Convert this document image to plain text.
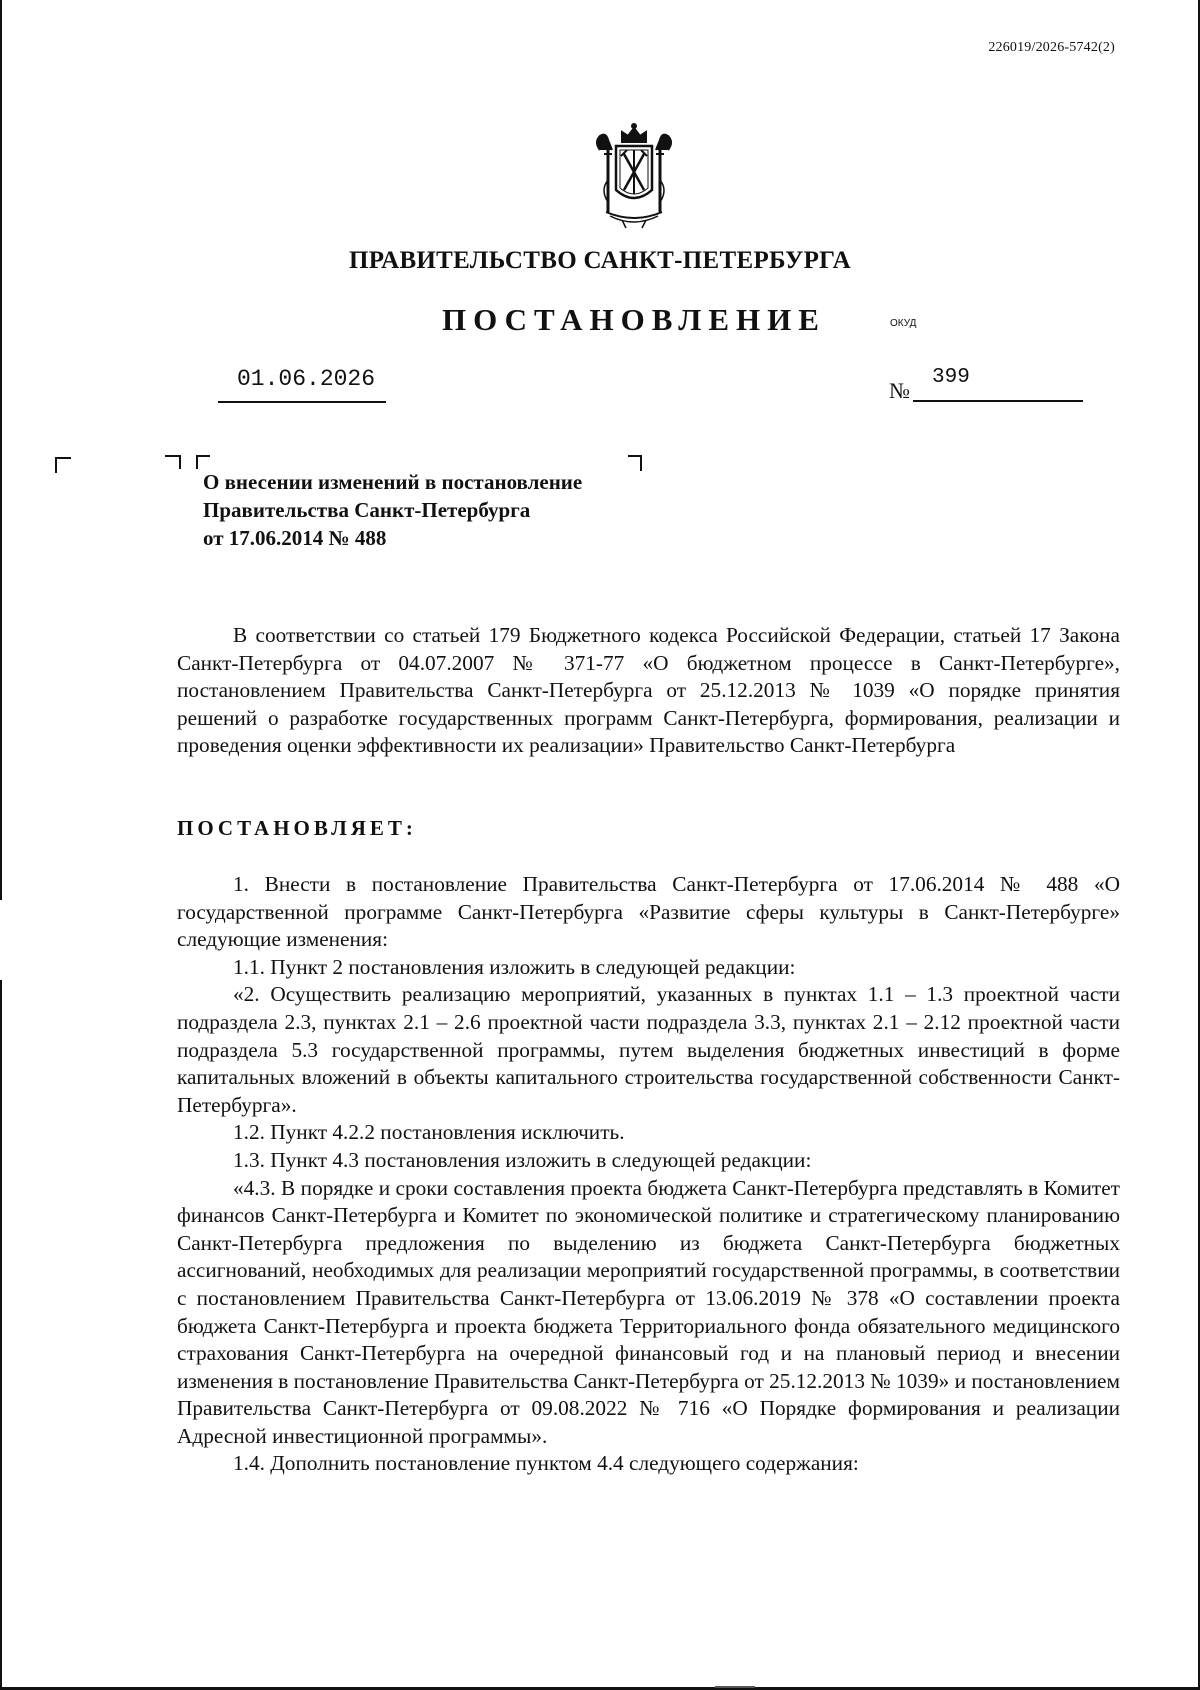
226019/2026-5742(2)
ПРАВИТЕЛЬСТВО САНКТ-ПЕТЕРБУРГА
ПОСТАНОВЛЕНИЕ	ОКУД
01.06.2026	№
399
О внесении изменений в постановление
Правительства Санкт-Петербурга
от 17.06.2014 № 488

В соответствии со статьей 179 Бюджетного кодекса Российской Федерации, статьей 17 Закона Санкт-Петербурга от 04.07.2007 № 371-77 «О бюджетном процессе в Санкт-Петербурге», постановлением Правительства Санкт-Петербурга от 25.12.2013 № 1039 «О порядке принятия решений о разработке государственных программ Санкт-Петербурга, формирования, реализации и проведения оценки эффективности их реализации» Правительство Санкт-Петербурга

ПОСТАНОВЛЯЕТ:

1. Внести в постановление Правительства Санкт-Петербурга от 17.06.2014 № 488 «О государственной программе Санкт-Петербурга «Развитие сферы культуры в Санкт-Петербурге» следующие изменения:

1.1. Пункт 2 постановления изложить в следующей редакции:

«2. Осуществить реализацию мероприятий, указанных в пунктах 1.1 – 1.3 проектной части подраздела 2.3, пунктах 2.1 – 2.6 проектной части подраздела 3.3, пунктах 2.1 – 2.12 проектной части подраздела 5.3 государственной программы, путем выделения бюджетных инвестиций в форме капитальных вложений в объекты капитального строительства государственной собственности Санкт-Петербурга».

1.2. Пункт 4.2.2 постановления исключить.

1.3. Пункт 4.3 постановления изложить в следующей редакции:

«4.3. В порядке и сроки составления проекта бюджета Санкт-Петербурга представлять в Комитет финансов Санкт-Петербурга и Комитет по экономической политике и стратегическому планированию Санкт-Петербурга предложения по выделению из бюджета Санкт-Петербурга бюджетных ассигнований, необходимых для реализации мероприятий государственной программы, в соответствии с постановлением Правительства Санкт-Петербурга от 13.06.2019 № 378 «О составлении проекта бюджета Санкт-Петербурга и проекта бюджета Территориального фонда обязательного медицинского страхования Санкт-Петербурга на очередной финансовый год и на плановый период и внесении изменения в постановление Правительства Санкт-Петербурга от 25.12.2013 № 1039» и постановлением Правительства Санкт-Петербурга от 09.08.2022 № 716 «О Порядке формирования и реализации Адресной инвестиционной программы».

1.4. Дополнить постановление пунктом 4.4 следующего содержания:
